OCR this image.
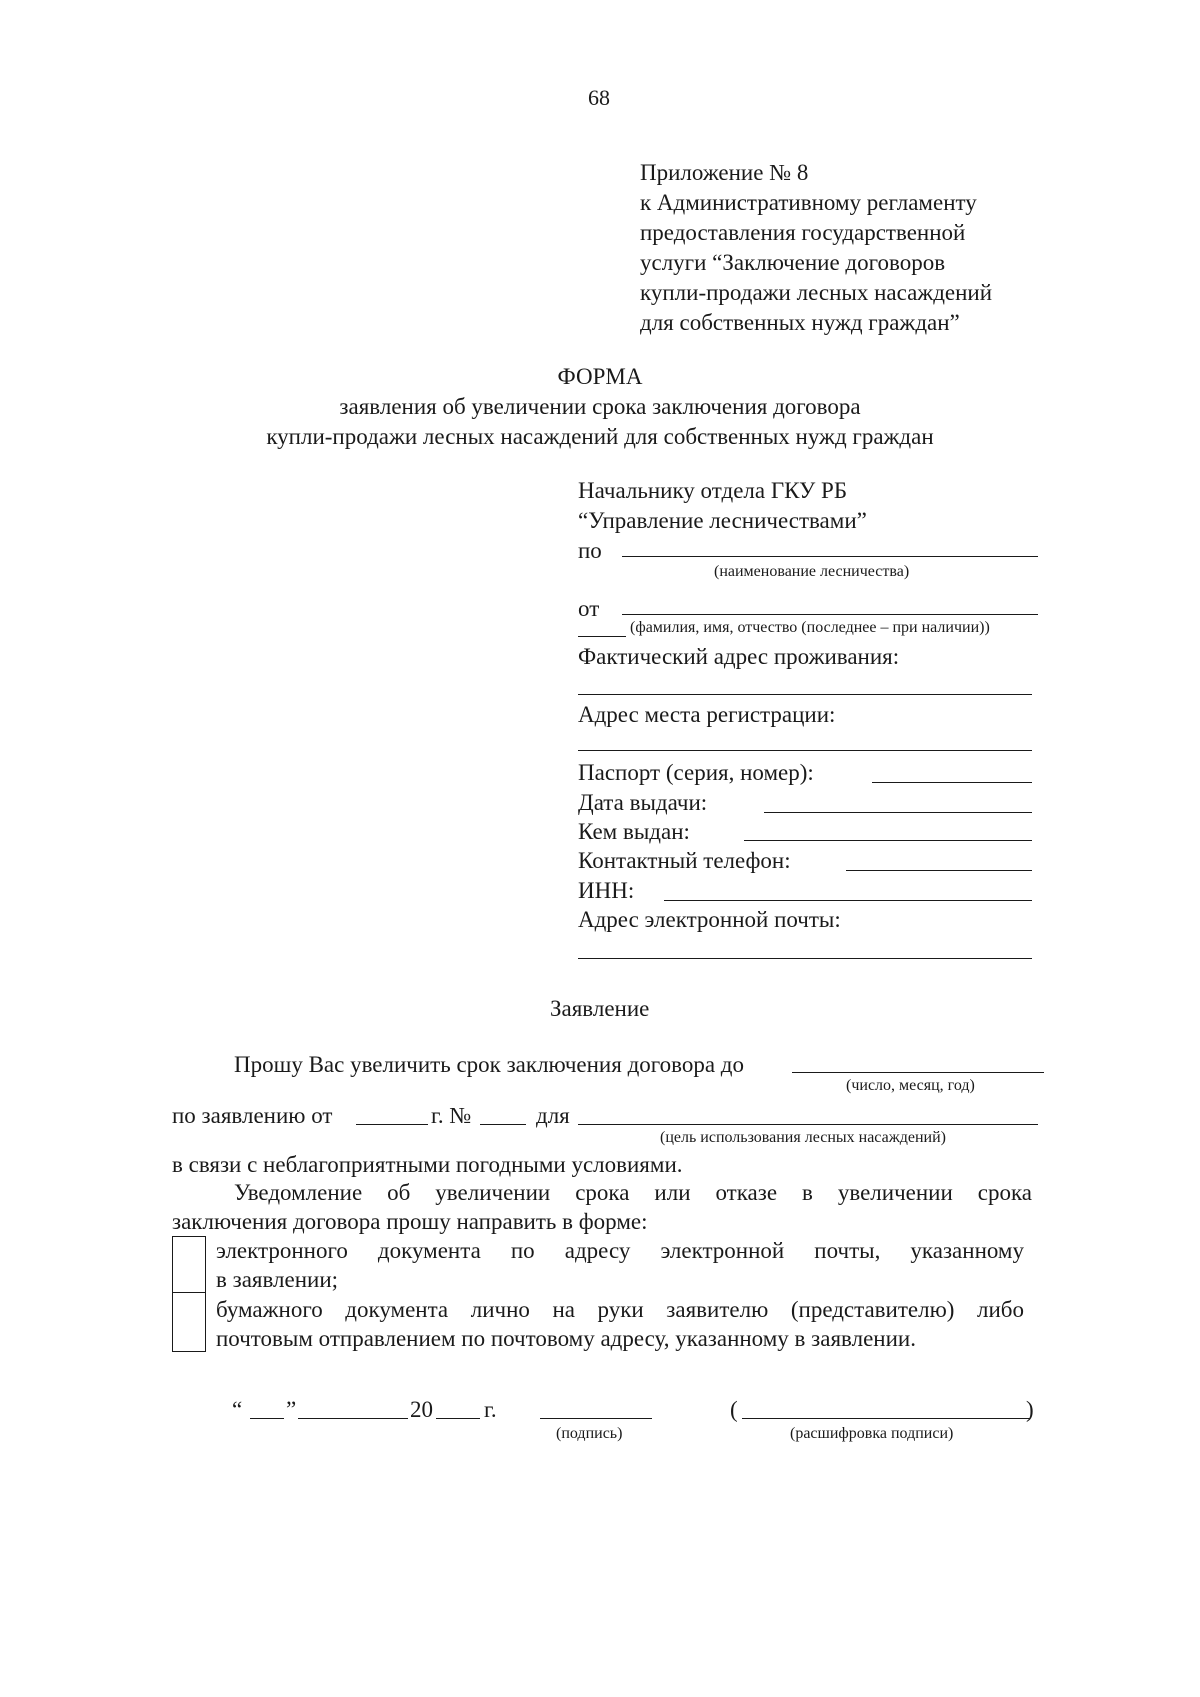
68
Приложение № 8
к Административному регламенту
предоставления государственной
услуги “Заключение договоров
купли-продажи лесных насаждений
для собственных нужд граждан”
ФОРМА
заявления об увеличении срока заключения договора
купли-продажи лесных насаждений для собственных нужд граждан
Начальнику отдела ГКУ РБ
“Управление лесничествами”
по
(наименование лесничества)
от
(фамилия, имя, отчество (последнее – при наличии))
Фактический адрес проживания:
Адрес места регистрации:
Паспорт (серия, номер):
Дата выдачи:
Кем выдан:
Контактный телефон:
ИНН:
Адрес электронной почты:
Заявление
Прошу Вас увеличить срок заключения договора до
(число, месяц, год)
по заявлению от	г. №	для
(цель использования лесных насаждений)
в связи с неблагоприятными погодными условиями.
Уведомление об увеличении срока или отказе в увеличении срока
заключения договора прошу направить в форме:
электронного документа по адресу электронной почты, указанному
в заявлении;
бумажного документа лично на руки заявителю (представителю) либо
почтовым отправлением по почтовому адресу, указанному в заявлении.
“ ”	20 г.
(подпись)
(	)
(расшифровка подписи)
